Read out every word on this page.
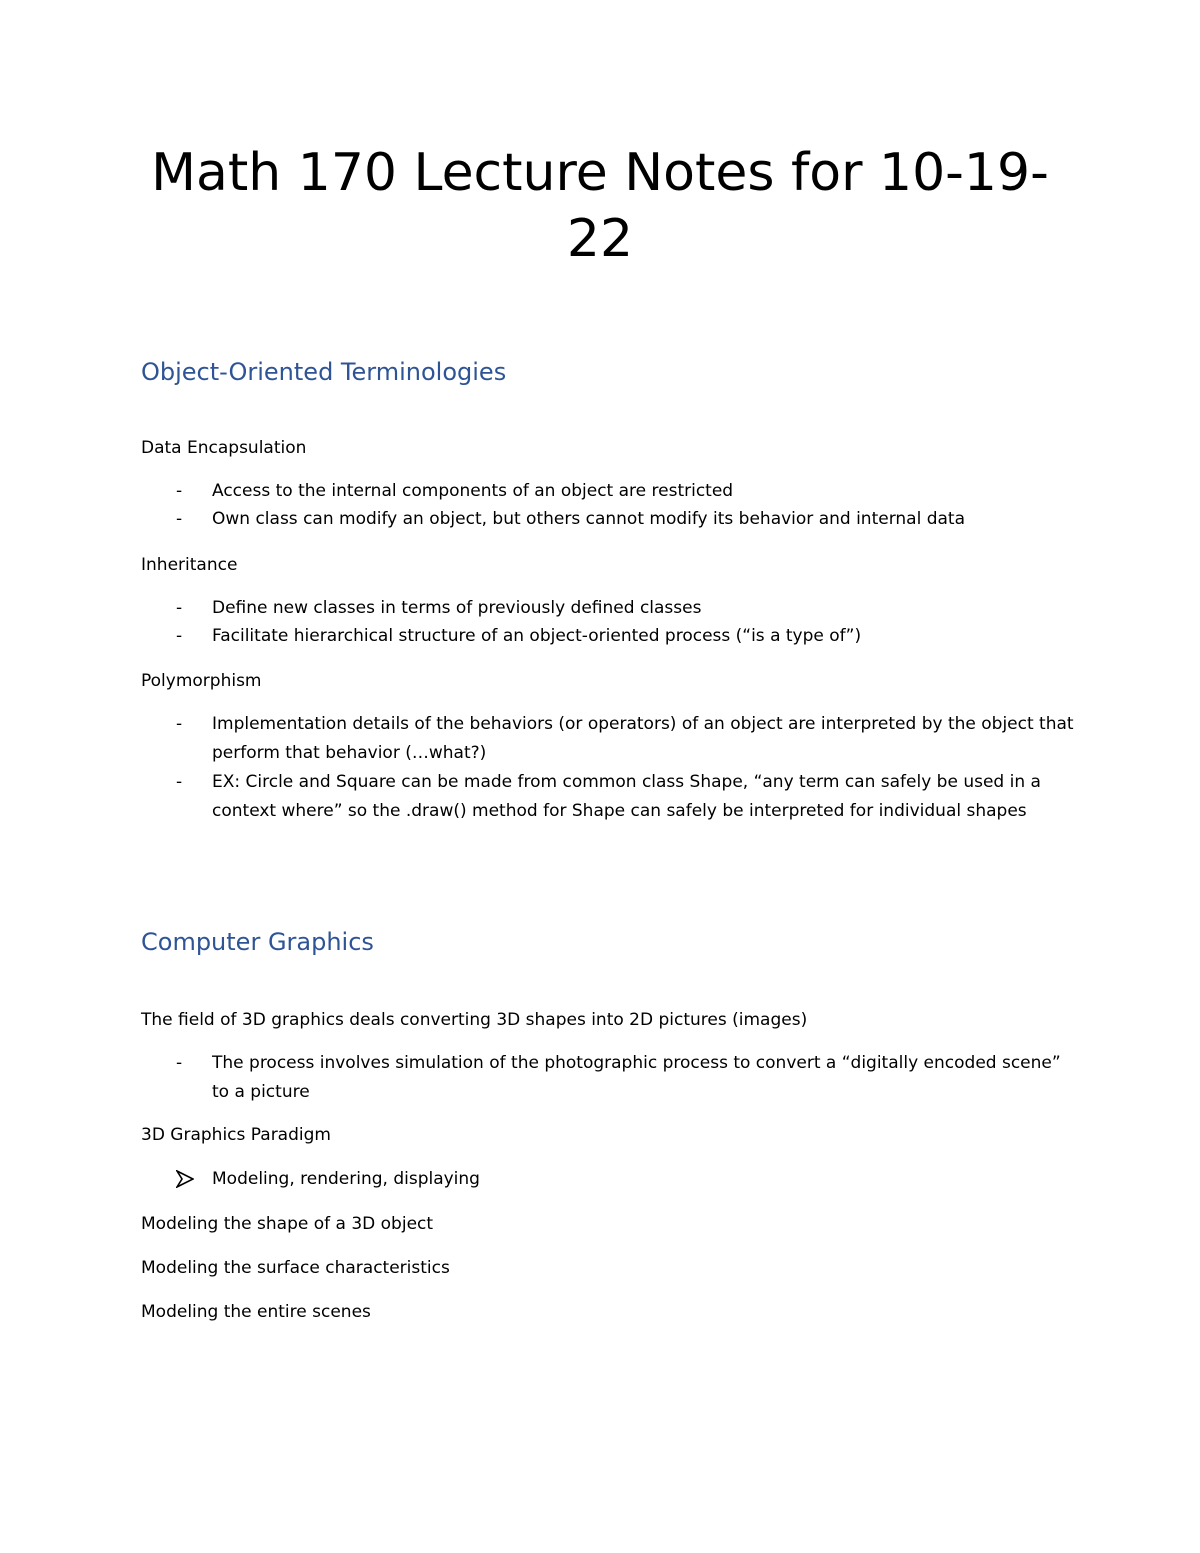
Math 170 Lecture Notes for 10-19-
22
Object-Oriented Terminologies

Data Encapsulation

-	Access to the internal components of an object are restricted
-	Own class can modify an object, but others cannot modify its behavior and internal data

Inheritance

-	Define new classes in terms of previously defined classes
-	Facilitate hierarchical structure of an object-oriented process (“is a type of”)

Polymorphism

-	Implementation details of the behaviors (or operators) of an object are interpreted by the object that perform that behavior (…what?)
-	EX: Circle and Square can be made from common class Shape, “any term can safely be used in a context where” so the .draw() method for Shape can safely be interpreted for individual shapes
Computer Graphics

The field of 3D graphics deals converting 3D shapes into 2D pictures (images)

-	The process involves simulation of the photographic process to convert a “digitally encoded scene” to a picture

3D Graphics Paradigm

Modeling, rendering, displaying

Modeling the shape of a 3D object

Modeling the surface characteristics

Modeling the entire scenes
